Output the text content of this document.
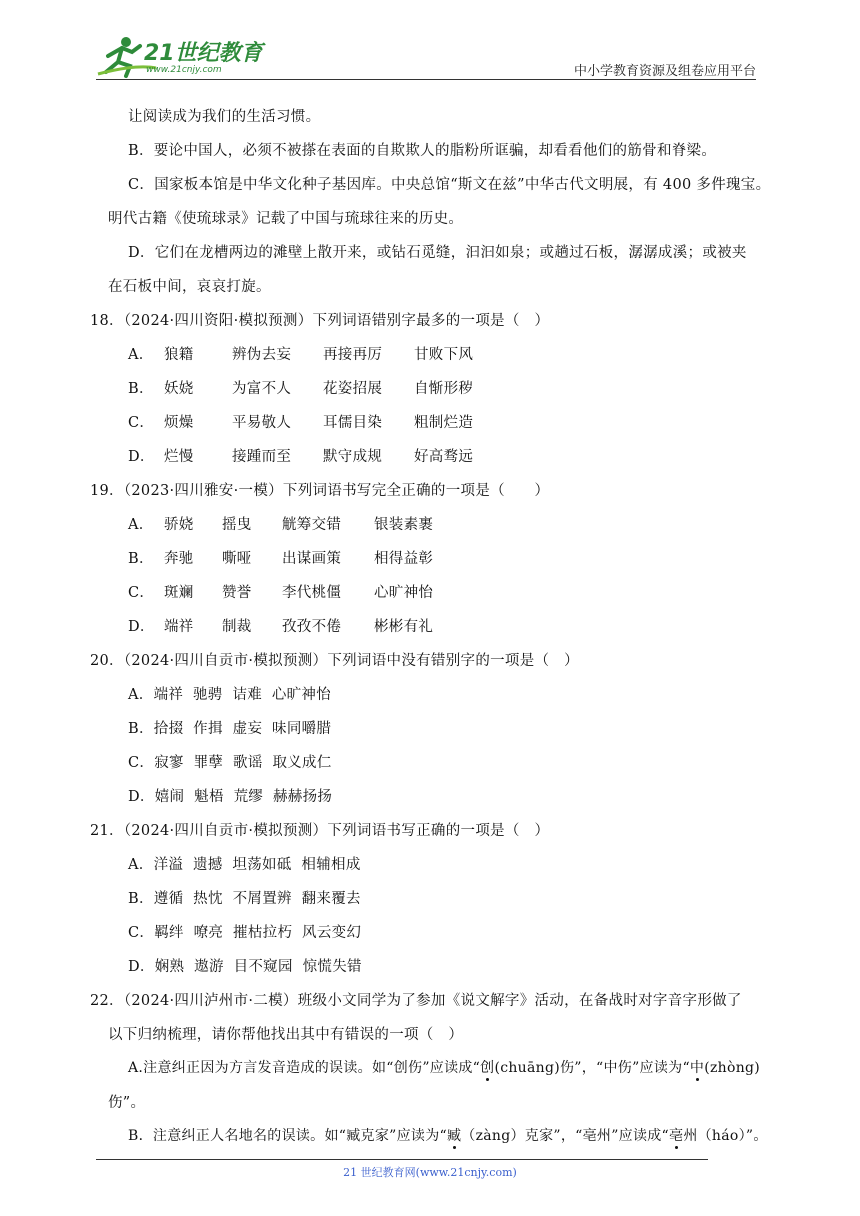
21世纪教育
www.21cnjy.com	中小学教育资源及组卷应用平台
让阅读成为我们的生活习惯。
B．要论中国人，必须不被搽在表面的自欺欺人的脂粉所诓骗，却看看他们的筋骨和脊梁。
C．国家板本馆是中华文化种子基因库。中央总馆“斯文在兹”中华古代文明展，有 400 多件瑰宝。
明代古籍《使琉球录》记载了中国与琉球往来的历史。
D．它们在龙槽两边的滩壁上散开来，或钻石觅缝，汩汩如泉；或趟过石板，潺潺成溪；或被夹
在石板中间，哀哀打旋。
18．（2024·四川资阳·模拟预测）下列词语错别字最多的一项是（　）
A． 狼籍	辨伪去妄 再接再厉 甘败下风
B． 妖娆	为富不人 花姿招展 自惭形秽
C． 烦燥	平易敬人 耳儒目染 粗制烂造
D． 烂慢	接踵而至 默守成规 好高骛远
19．（2023·四川雅安·一模）下列词语书写完全正确的一项是（　　）
A． 骄娆 摇曳 觥筹交错 银装素裹
B． 奔驰 嘶哑 出谋画策 相得益彰
C． 斑斓 赞誉 李代桃僵 心旷神怡
D． 端祥 制裁 孜孜不倦 彬彬有礼
20．（2024·四川自贡市·模拟预测）下列词语中没有错别字的一项是（　）
A．端祥  驰骋  诘难  心旷神怡
B．拾掇  作揖  虚妄  味同嚼腊
C．寂寥  罪孽  歌谣  取义成仁
D．嬉闹  魁梧  荒缪  赫赫扬扬
21．（2024·四川自贡市·模拟预测）下列词语书写正确的一项是（　）
A．洋溢  遗撼  坦荡如砥  相辅相成
B．遵循  热忱  不屑置辨  翻来覆去
C．羁绊  嘹亮  摧枯拉朽  风云变幻
D．娴熟  遨游  目不窥园  惊慌失错
22．（2024·四川泸州市·二模）班级小文同学为了参加《说文解字》活动，在备战时对字音字形做了
以下归纳梳理，请你帮他找出其中有错误的一项（　）
A.注意纠正因为方言发音造成的误读。如“创伤”应读成“创(chuāng)伤”，“中伤”应读为“中(zhòng)
伤”。
B．注意纠正人名地名的误读。如“臧克家”应读为“臧（zàng）克家”，“亳州”应读成“亳州（háo）”。
21 世纪教育网(www.21cnjy.com)
